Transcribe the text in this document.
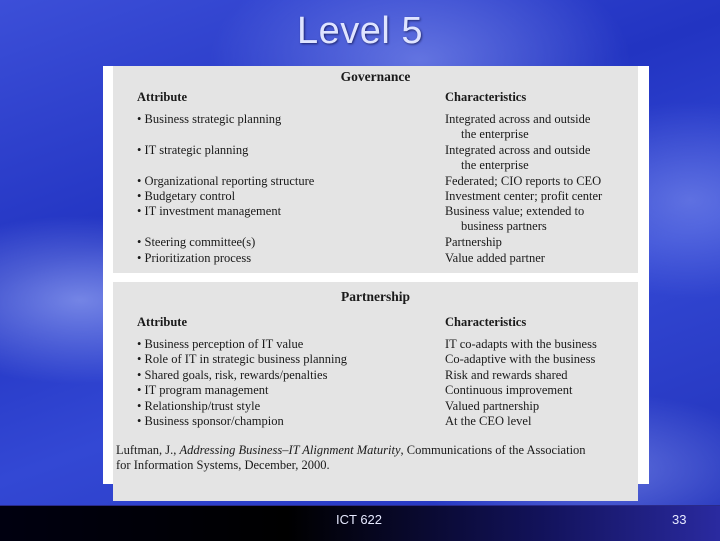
Level 5
Governance
Attribute	Characteristics
• Business strategic planning	Integrated across and outside
the enterprise
• IT strategic planning	Integrated across and outside
the enterprise
• Organizational reporting structure	Federated; CIO reports to CEO
• Budgetary control	Investment center; profit center
• IT investment management	Business value; extended to
business partners
• Steering committee(s)	Partnership
• Prioritization process	Value added partner
Partnership
Attribute	Characteristics
• Business perception of IT value	IT co-adapts with the business
• Role of IT in strategic business planning	Co-adaptive with the business
• Shared goals, risk, rewards/penalties	Risk and rewards shared
• IT program management	Continuous improvement
• Relationship/trust style	Valued partnership
• Business sponsor/champion	At the CEO level
Luftman, J., Addressing Business–IT Alignment Maturity, Communications of the Association
for Information Systems, December, 2000.
ICT 622	33
